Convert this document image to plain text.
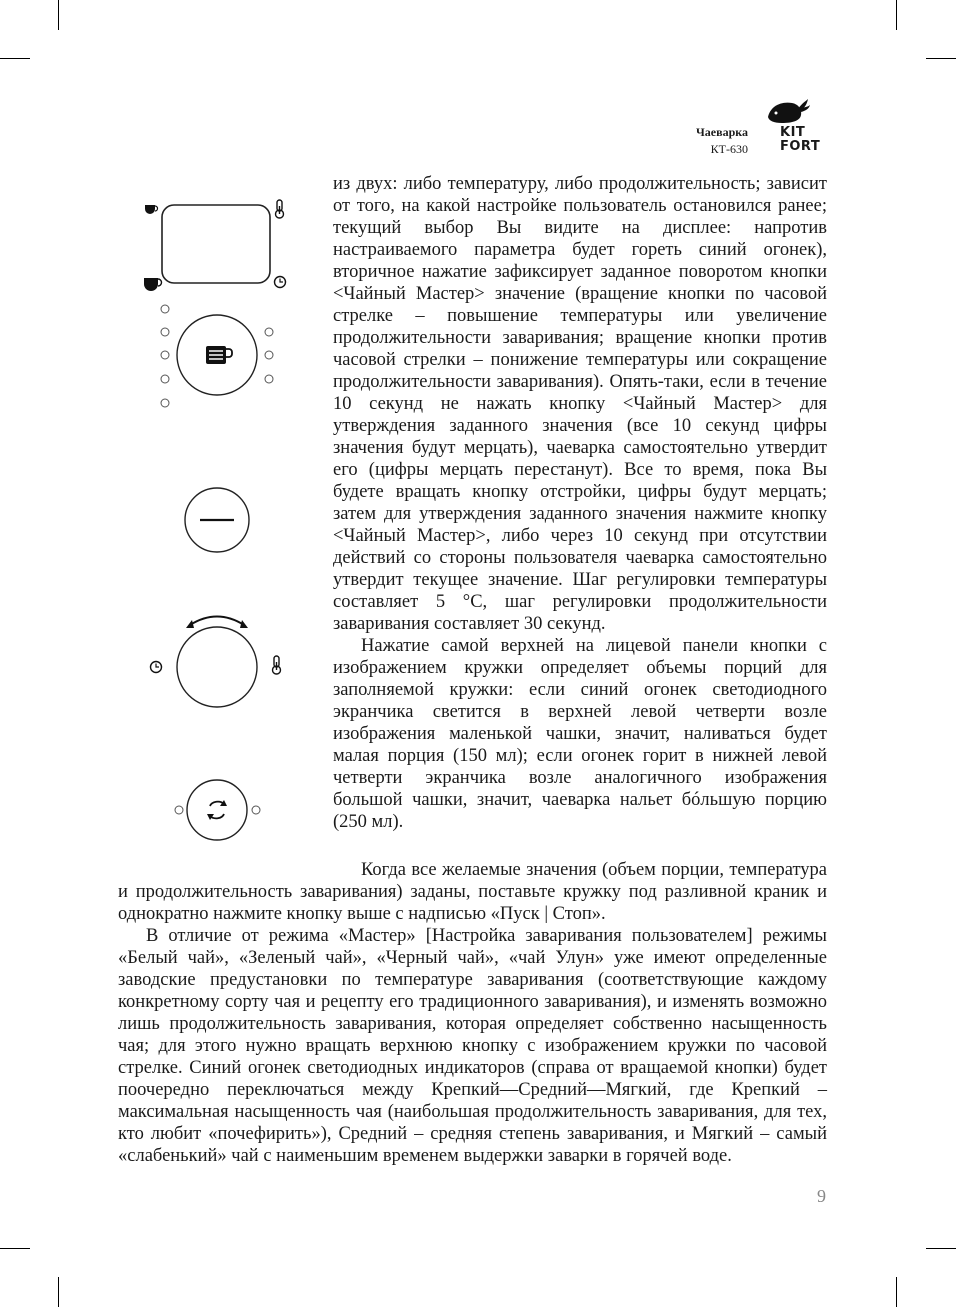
Чаеварка
КТ-630
KIT
FORT

из двух: либо температуру, либо продолжительность; зависит от того, на какой настройке пользователь остановился ранее; текущий выбор Вы видите на дисплее: напротив настраиваемого параметра будет гореть синий огонек), вторичное нажатие зафиксирует заданное поворотом кнопки <Чайный Мастер> значение (вращение кнопки по часовой стрелке – повышение температуры или увеличение продолжительности заваривания; вращение кнопки против часовой стрелки – понижение температуры или сокращение продолжительности заваривания). Опять-таки, если в течение 10 секунд не нажать кнопку <Чайный Мастер> для утверждения заданного значения (все 10 секунд цифры значения будут мерцать), чаеварка самостоятельно утвердит его (цифры мерцать перестанут). Все то время, пока Вы будете вращать кнопку отстройки, цифры будут мерцать; затем для утверждения заданного значения нажмите кнопку <Чайный Мастер>, либо через 10 секунд при отсутствии действий со стороны пользователя чаеварка самостоятельно утвердит текущее значение. Шаг регулировки температуры составляет 5 °С, шаг регулировки продолжительности заваривания составляет 30 секунд.

Нажатие самой верхней на лицевой панели кнопки с изображением кружки определяет объемы порций для заполняемой кружки: если синий огонек светодиодного экранчика светится в верхней левой четверти возле изображения маленькой чашки, значит, наливаться будет малая порция (150 мл); если огонек горит в нижней левой четверти экранчика возле аналогичного изображения большой чашки, значит, чаеварка нальет бóльшую порцию (250 мл).

Когда все желаемые значения (объем порции, температура и продолжительность заваривания) заданы, поставьте кружку под разливной краник и однократно нажмите кнопку выше с надписью «Пуск | Стоп».

В отличие от режима «Мастер» [Настройка заваривания пользователем] режимы «Белый чай», «Зеленый чай», «Черный чай», «чай Улун» уже имеют определенные заводские предустановки по температуре заваривания (соответствующие каждому конкретному сорту чая и рецепту его традиционного заваривания), и изменять возможно лишь продолжительность заваривания, которая определяет собственно насыщенность чая; для этого нужно вращать верхнюю кнопку с изображением кружки по часовой стрелке. Синий огонек светодиодных индикаторов (справа от вращаемой кнопки) будет поочередно переключаться между Крепкий—Средний—Мягкий, где Крепкий – максимальная насыщенность чая (наибольшая продолжительность заваривания, для тех, кто любит «почефирить»), Средний – средняя степень заваривания, и Мягкий – самый «слабенький» чай с наименьшим временем выдержки заварки в горячей воде.

9
